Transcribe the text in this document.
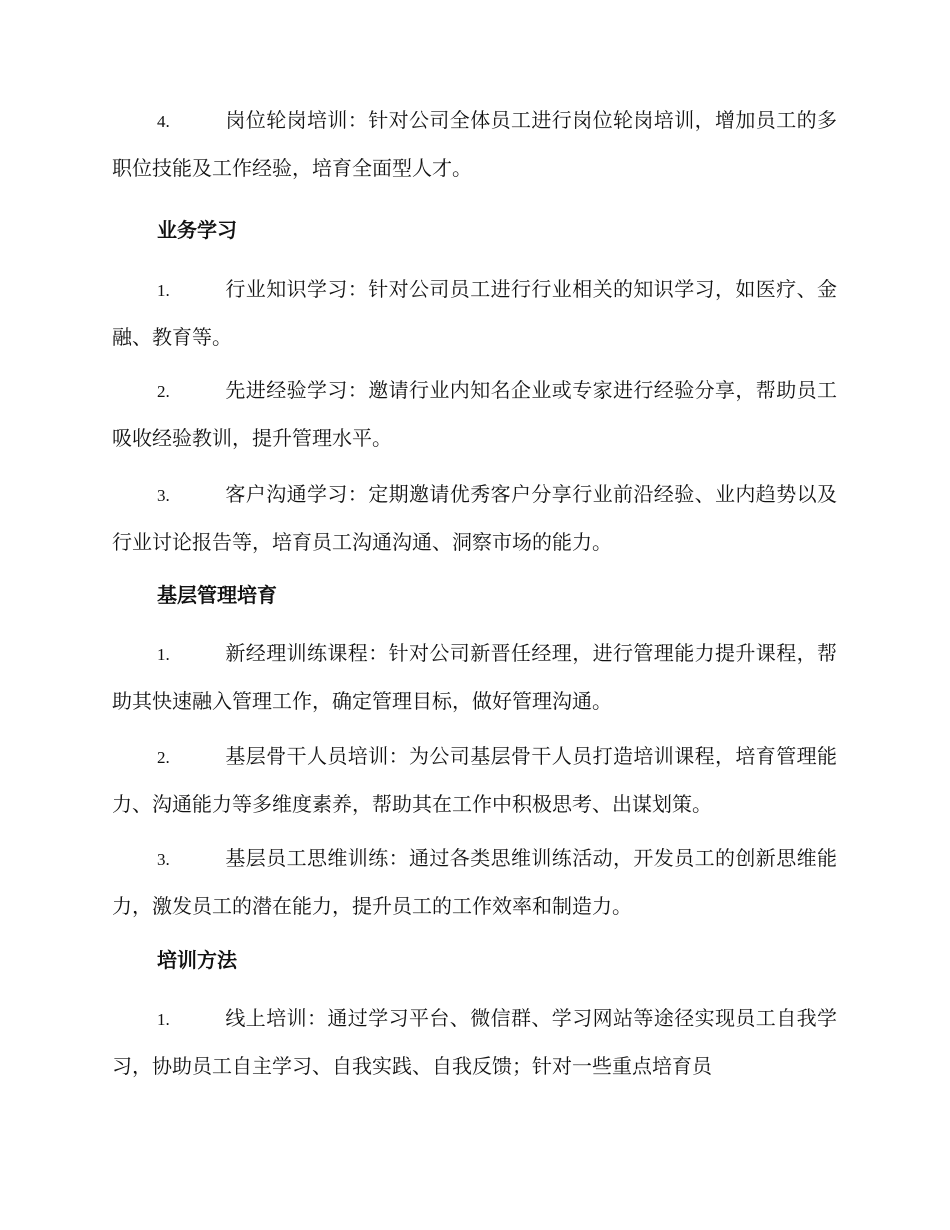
4.	岗位轮岗培训：针对公司全体员工进行岗位轮岗培训，增加员工的多职位技能及工作经验，培育全面型人才。
业务学习
1.	行业知识学习：针对公司员工进行行业相关的知识学习，如医疗、金融、教育等。
2.	先进经验学习：邀请行业内知名企业或专家进行经验分享，帮助员工吸收经验教训，提升管理水平。
3.	客户沟通学习：定期邀请优秀客户分享行业前沿经验、业内趋势以及行业讨论报告等，培育员工沟通沟通、洞察市场的能力。
基层管理培育
1.	新经理训练课程：针对公司新晋任经理，进行管理能力提升课程，帮助其快速融入管理工作，确定管理目标，做好管理沟通。
2.	基层骨干人员培训：为公司基层骨干人员打造培训课程，培育管理能力、沟通能力等多维度素养，帮助其在工作中积极思考、出谋划策。
3.	基层员工思维训练：通过各类思维训练活动，开发员工的创新思维能力，激发员工的潜在能力，提升员工的工作效率和制造力。
培训方法
1.	线上培训：通过学习平台、微信群、学习网站等途径实现员工自我学习，协助员工自主学习、自我实践、自我反馈；针对一些重点培育员
